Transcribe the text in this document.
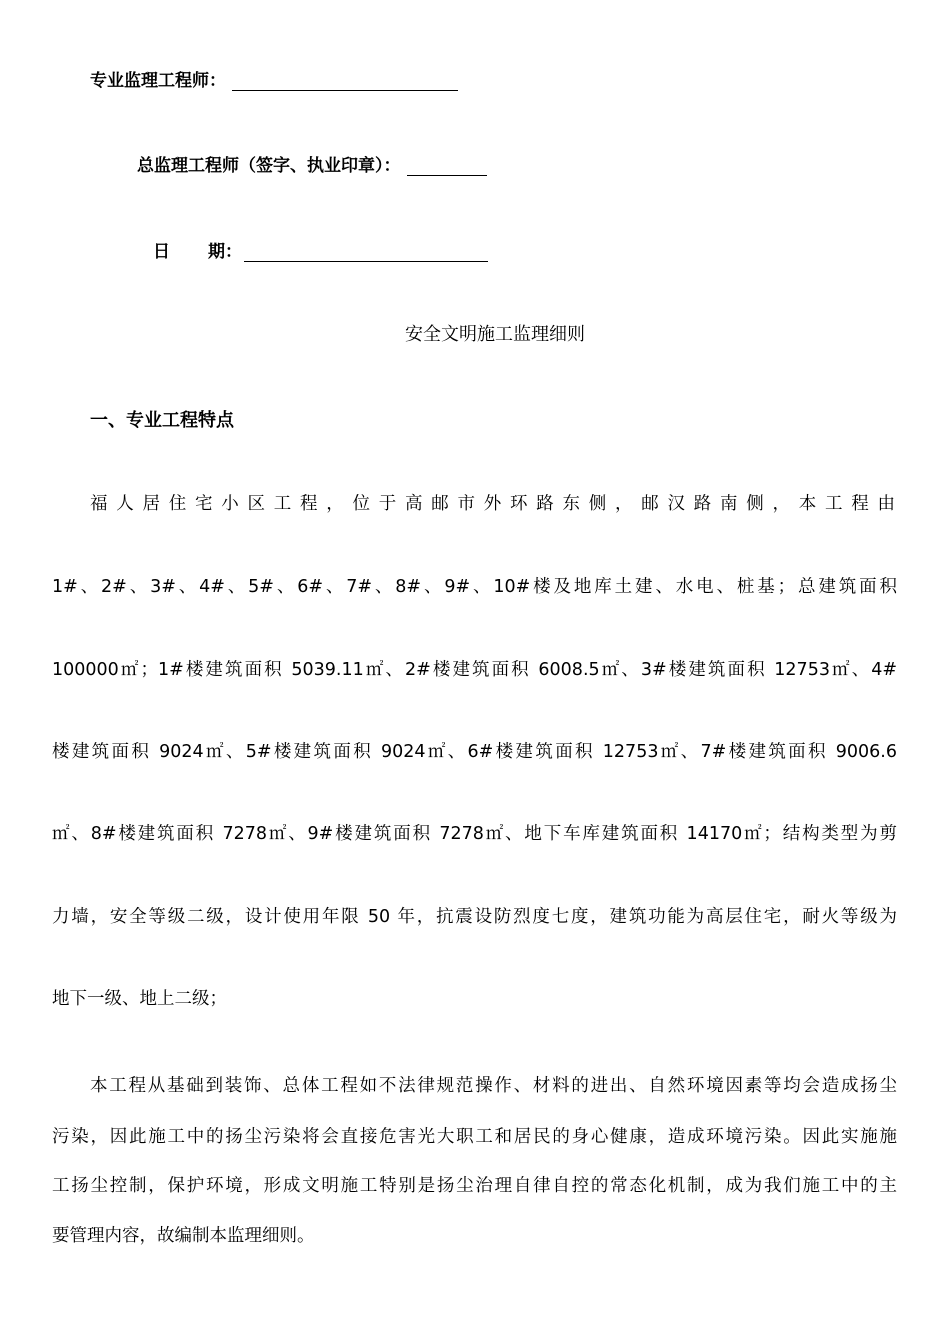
专业监理工程师：
总监理工程师（签字、执业印章）：
日 期：
安全文明施工监理细则
一、专业工程特点
福人居住宅小区工程，位于高邮市外环路东侧，邮汉路南侧，本工程由
1#、2#、3#、4#、5#、6#、7#、8#、9#、10#楼及地库土建、水电、桩基；总建筑面积
100000㎡；1#楼建筑面积 5039.11㎡、2#楼建筑面积 6008.5㎡、3#楼建筑面积 12753㎡、4#
楼建筑面积 9024㎡、5#楼建筑面积 9024㎡、6#楼建筑面积 12753㎡、7#楼建筑面积 9006.6
㎡、8#楼建筑面积 7278㎡、9#楼建筑面积 7278㎡、地下车库建筑面积 14170㎡；结构类型为剪
力墙，安全等级二级，设计使用年限 50 年，抗震设防烈度七度，建筑功能为高层住宅，耐火等级为
地下一级、地上二级；
本工程从基础到装饰、总体工程如不法律规范操作、材料的进出、自然环境因素等均会造成扬尘
污染，因此施工中的扬尘污染将会直接危害光大职工和居民的身心健康，造成环境污染。因此实施施
工扬尘控制，保护环境，形成文明施工特别是扬尘治理自律自控的常态化机制，成为我们施工中的主
要管理内容，故编制本监理细则。
